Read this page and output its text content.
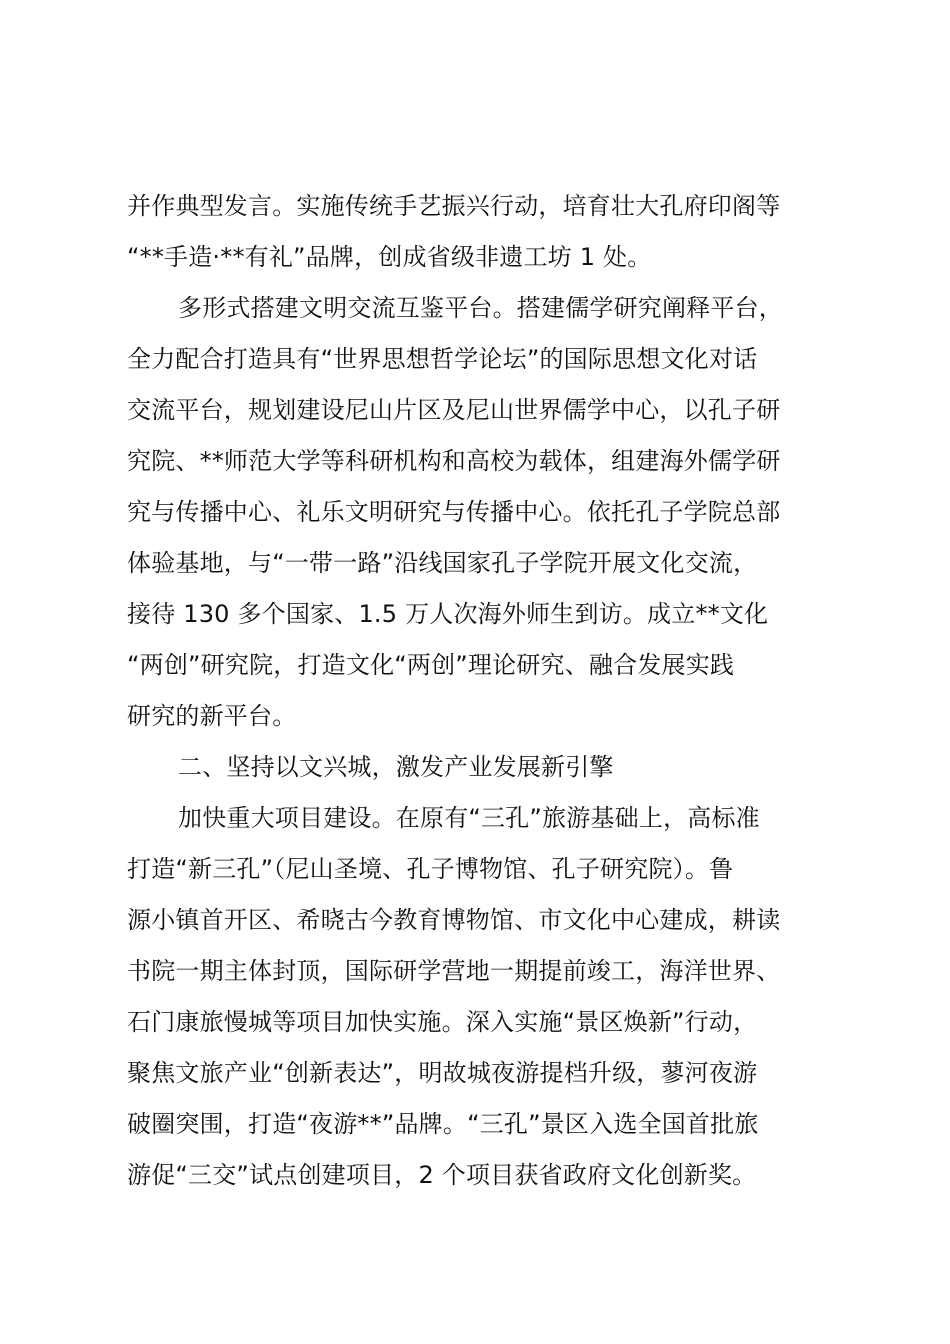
并作典型发言。实施传统手艺振兴行动，培育壮大孔府印阁等

“**手造·**有礼”品牌，创成省级非遗工坊 1 处。

多形式搭建文明交流互鉴平台。搭建儒学研究阐释平台，

全力配合打造具有“世界思想哲学论坛”的国际思想文化对话

交流平台，规划建设尼山片区及尼山世界儒学中心，以孔子研

究院、**师范大学等科研机构和高校为载体，组建海外儒学研

究与传播中心、礼乐文明研究与传播中心。依托孔子学院总部

体验基地，与“一带一路”沿线国家孔子学院开展文化交流，

接待 130 多个国家、1.5 万人次海外师生到访。成立**文化

“两创”研究院，打造文化“两创”理论研究、融合发展实践

研究的新平台。

二、坚持以文兴城，激发产业发展新引擎

加快重大项目建设。在原有“三孔”旅游基础上，高标准

打造“新三孔”（尼山圣境、孔子博物馆、孔子研究院）。鲁

源小镇首开区、希晓古今教育博物馆、市文化中心建成，耕读

书院一期主体封顶，国际研学营地一期提前竣工，海洋世界、

石门康旅慢城等项目加快实施。深入实施“景区焕新”行动，

聚焦文旅产业“创新表达”，明故城夜游提档升级，蓼河夜游

破圈突围，打造“夜游**”品牌。“三孔”景区入选全国首批旅

游促“三交”试点创建项目，2 个项目获省政府文化创新奖。
